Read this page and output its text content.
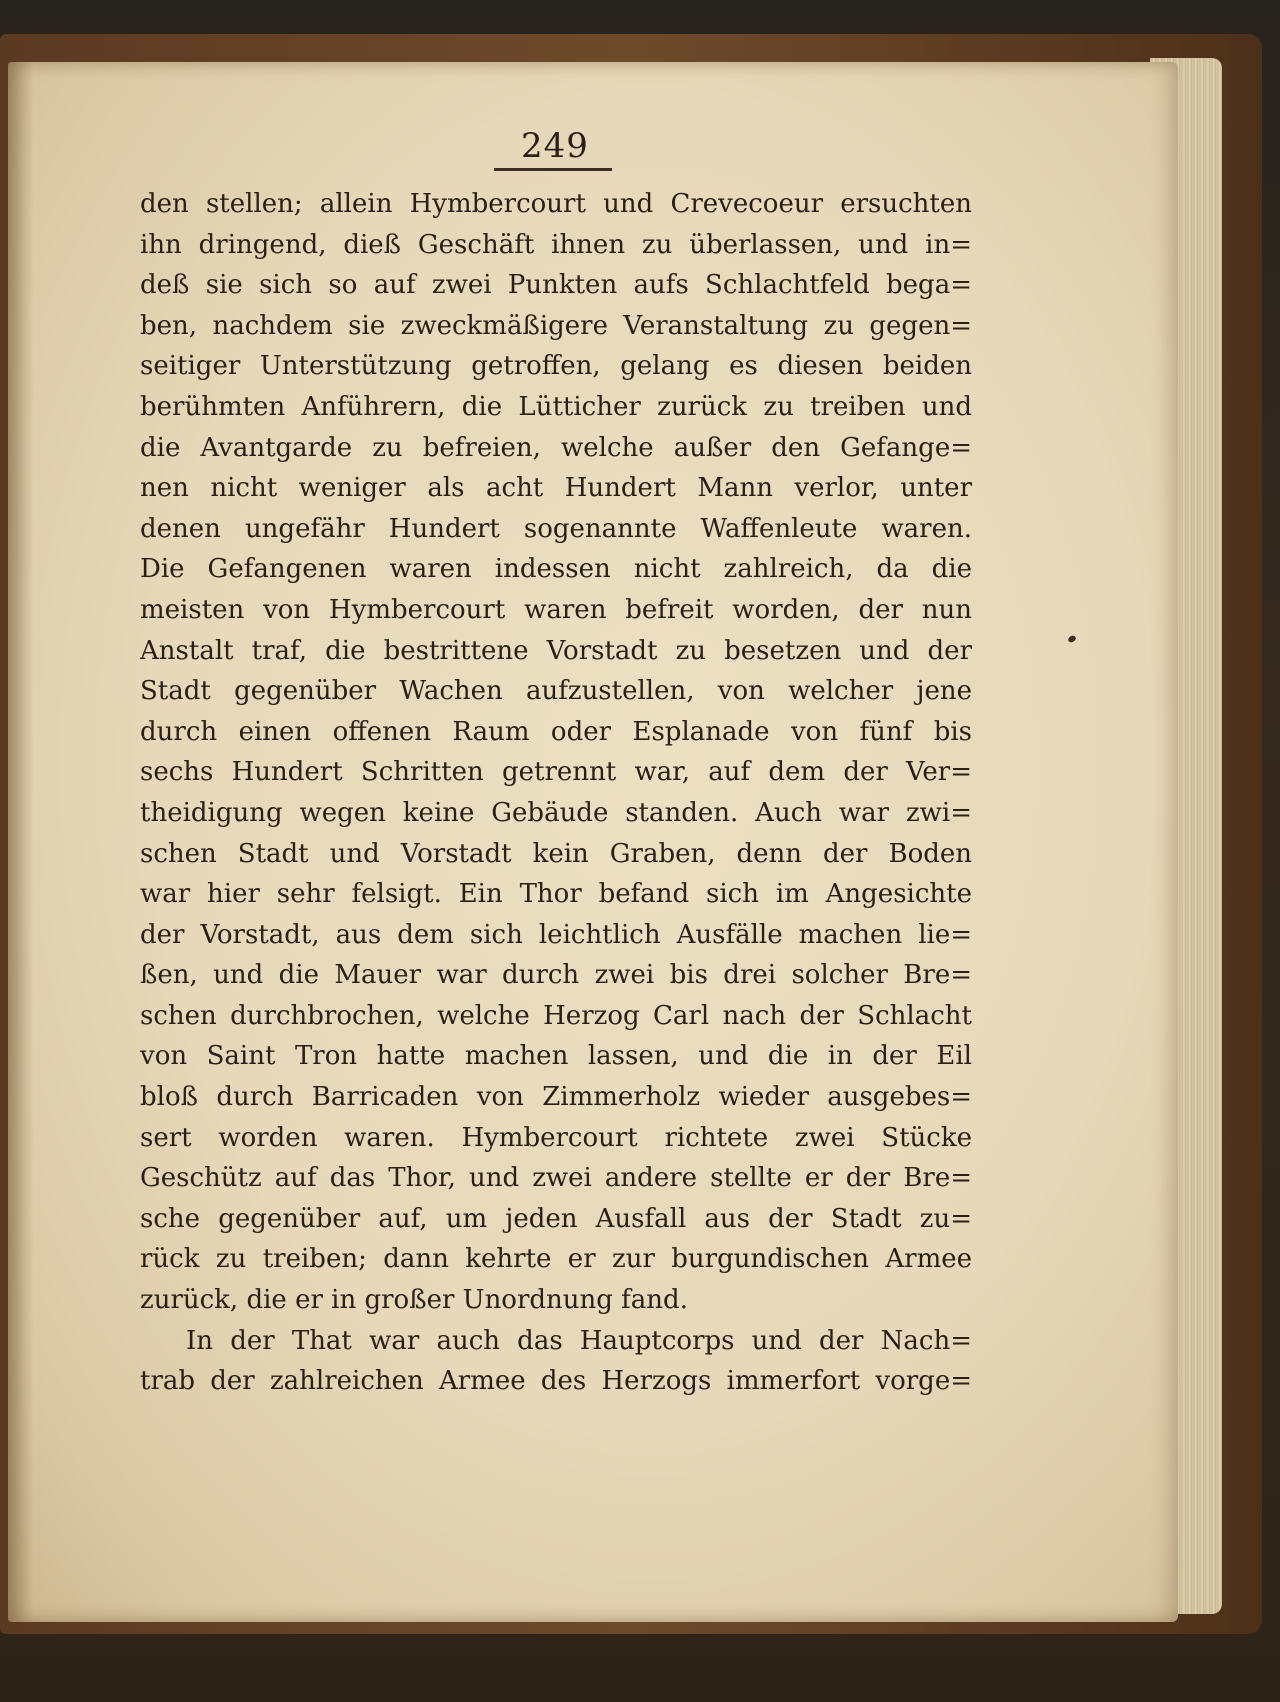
249
den stellen; allein Hymbercourt und Crevecoeur ersuchten
ihn dringend, dieß Geschäft ihnen zu überlassen, und in=
deß sie sich so auf zwei Punkten aufs Schlachtfeld bega=
ben, nachdem sie zweckmäßigere Veranstaltung zu gegen=
seitiger Unterstützung getroffen, gelang es diesen beiden
berühmten Anführern, die Lütticher zurück zu treiben und
die Avantgarde zu befreien, welche außer den Gefange=
nen nicht weniger als acht Hundert Mann verlor, unter
denen ungefähr Hundert sogenannte Waffenleute waren.
Die Gefangenen waren indessen nicht zahlreich, da die
meisten von Hymbercourt waren befreit worden, der nun
Anstalt traf, die bestrittene Vorstadt zu besetzen und der
Stadt gegenüber Wachen aufzustellen, von welcher jene
durch einen offenen Raum oder Esplanade von fünf bis
sechs Hundert Schritten getrennt war, auf dem der Ver=
theidigung wegen keine Gebäude standen. Auch war zwi=
schen Stadt und Vorstadt kein Graben, denn der Boden
war hier sehr felsigt. Ein Thor befand sich im Angesichte
der Vorstadt, aus dem sich leichtlich Ausfälle machen lie=
ßen, und die Mauer war durch zwei bis drei solcher Bre=
schen durchbrochen, welche Herzog Carl nach der Schlacht
von Saint Tron hatte machen lassen, und die in der Eil
bloß durch Barricaden von Zimmerholz wieder ausgebes=
sert worden waren. Hymbercourt richtete zwei Stücke
Geschütz auf das Thor, und zwei andere stellte er der Bre=
sche gegenüber auf, um jeden Ausfall aus der Stadt zu=
rück zu treiben; dann kehrte er zur burgundischen Armee
zurück, die er in großer Unordnung fand.
In der That war auch das Hauptcorps und der Nach=
trab der zahlreichen Armee des Herzogs immerfort vorge=
